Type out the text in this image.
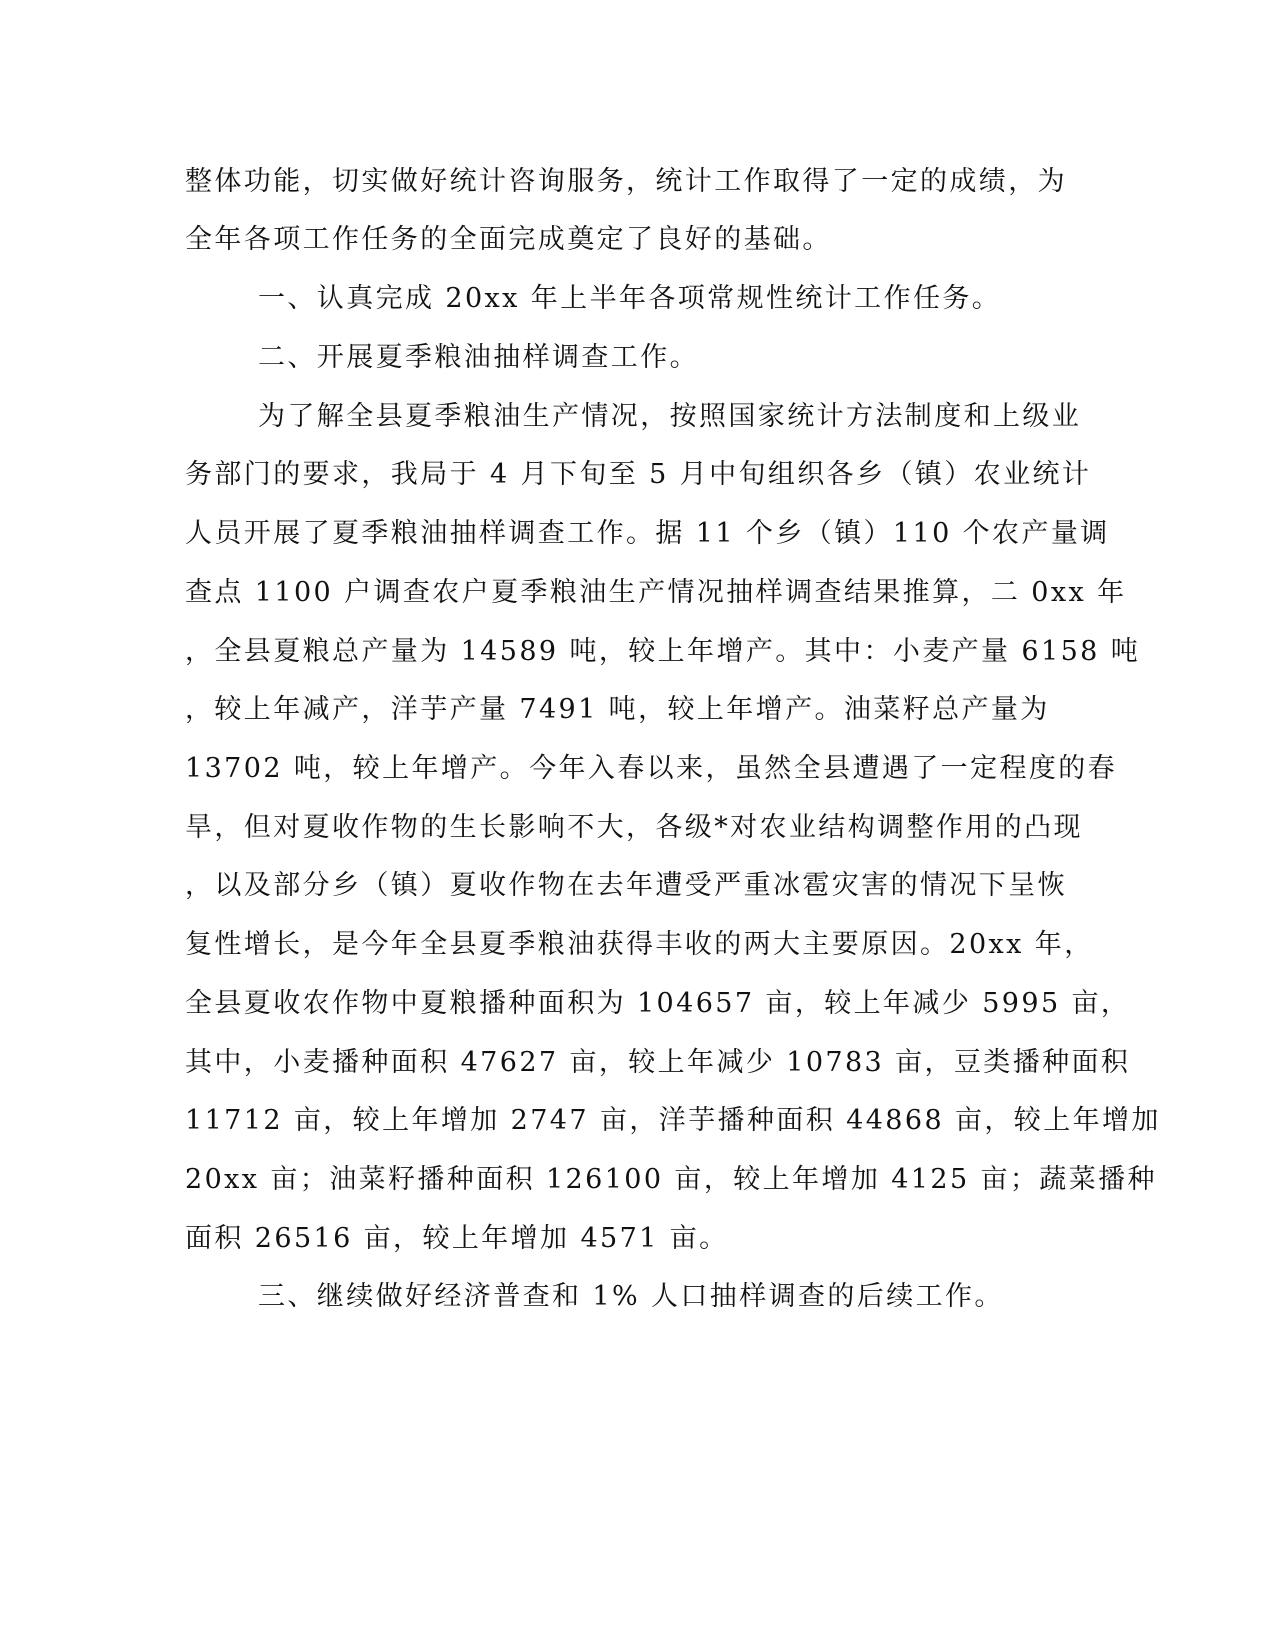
整体功能，切实做好统计咨询服务，统计工作取得了一定的成绩，为
全年各项工作任务的全面完成奠定了良好的基础。
一、认真完成 20xx 年上半年各项常规性统计工作任务。
二、开展夏季粮油抽样调查工作。
为了解全县夏季粮油生产情况，按照国家统计方法制度和上级业
务部门的要求，我局于 4 月下旬至 5 月中旬组织各乡（镇）农业统计
人员开展了夏季粮油抽样调查工作。据 11 个乡（镇）110 个农产量调
查点 1100 户调查农户夏季粮油生产情况抽样调查结果推算，二 0xx 年
，全县夏粮总产量为 14589 吨，较上年增产。其中：小麦产量 6158 吨
，较上年减产，洋芋产量 7491 吨，较上年增产。油菜籽总产量为
13702 吨，较上年增产。今年入春以来，虽然全县遭遇了一定程度的春
旱，但对夏收作物的生长影响不大，各级*对农业结构调整作用的凸现
，以及部分乡（镇）夏收作物在去年遭受严重冰雹灾害的情况下呈恢
复性增长，是今年全县夏季粮油获得丰收的两大主要原因。20xx 年，
全县夏收农作物中夏粮播种面积为 104657 亩，较上年减少 5995 亩，
其中，小麦播种面积 47627 亩，较上年减少 10783 亩，豆类播种面积
11712 亩，较上年增加 2747 亩，洋芋播种面积 44868 亩，较上年增加
20xx 亩；油菜籽播种面积 126100 亩，较上年增加 4125 亩；蔬菜播种
面积 26516 亩，较上年增加 4571 亩。
三、继续做好经济普查和 1% 人口抽样调查的后续工作。
